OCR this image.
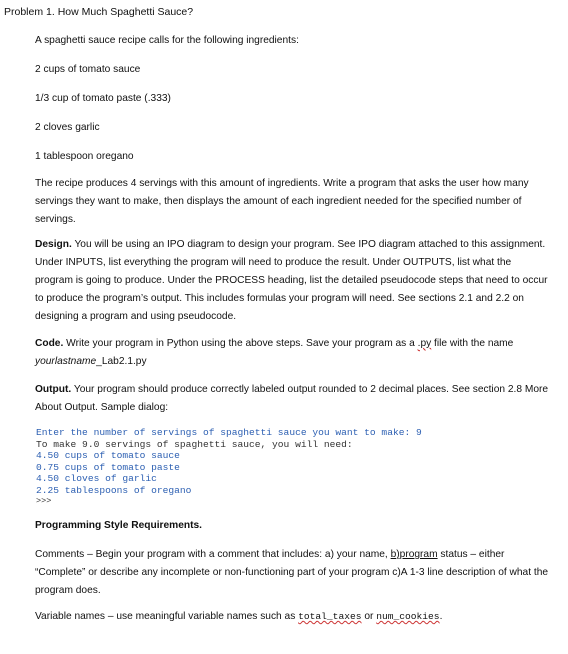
Problem 1. How Much Spaghetti Sauce?
A spaghetti sauce recipe calls for the following ingredients:
2 cups of tomato sauce
1/3 cup of tomato paste (.333)
2 cloves garlic
1 tablespoon oregano

The recipe produces 4 servings with this amount of ingredients. Write a program that asks the user how many servings they want to make, then displays the amount of each ingredient needed for the specified number of servings.

Design. You will be using an IPO diagram to design your program. See IPO diagram attached to this assignment. Under INPUTS, list everything the program will need to produce the result. Under OUTPUTS, list what the program is going to produce. Under the PROCESS heading, list the detailed pseudocode steps that need to occur to produce the program’s output. This includes formulas your program will need. See sections 2.1 and 2.2 on designing a program and using pseudocode.

Code. Write your program in Python using the above steps. Save your program as a .py file with the name yourlastname_Lab2.1.py

Output. Your program should produce correctly labeled output rounded to 2 decimal places. See section 2.8 More About Output. Sample dialog:

Enter the number of servings of spaghetti sauce you want to make: 9
To make 9.0 servings of spaghetti sauce, you will need:
4.50 cups of tomato sauce
0.75 cups of tomato paste
4.50 cloves of garlic
2.25 tablespoons of oregano
>>>
Programming Style Requirements.

Comments – Begin your program with a comment that includes: a) your name, b)program status – either “Complete” or describe any incomplete or non-functioning part of your program c)A 1-3 line description of what the program does.

Variable names – use meaningful variable names such as total_taxes or num_cookies.
